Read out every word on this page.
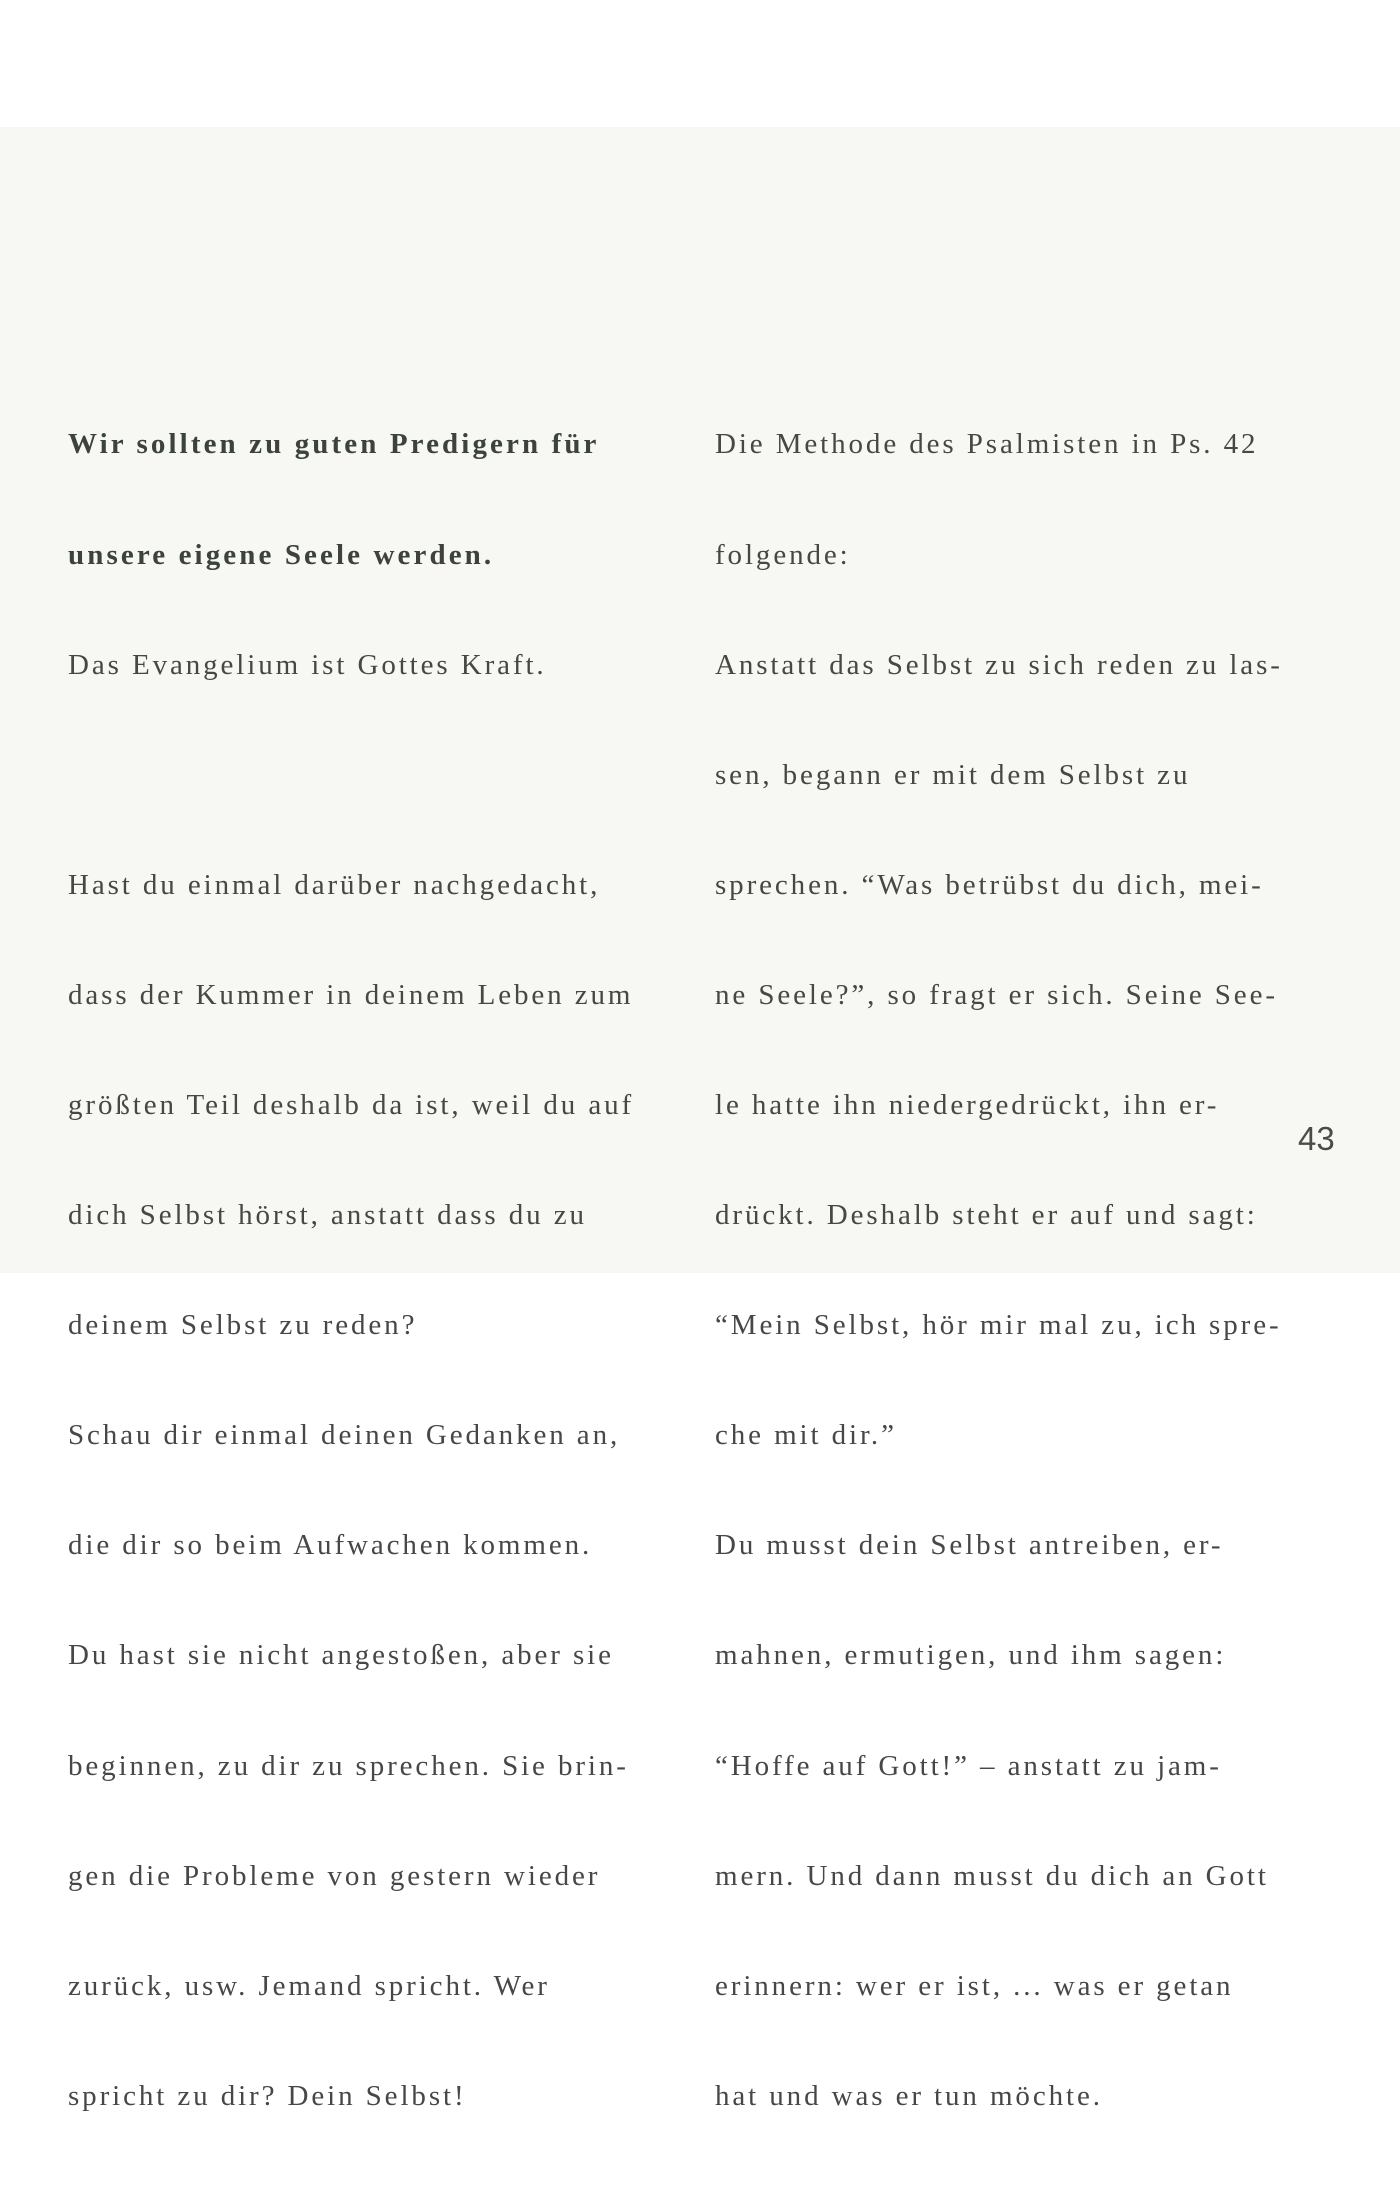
Wir sollten zu guten Predigern für

unsere eigene Seele werden.

Das Evangelium ist Gottes Kraft.

Hast du einmal darüber nachgedacht,

dass der Kummer in deinem Leben zum

größten Teil deshalb da ist, weil du auf

dich Selbst hörst, anstatt dass du zu

deinem Selbst zu reden?

Schau dir einmal deinen Gedanken an,

die dir so beim Aufwachen kommen.

Du hast sie nicht angestoßen, aber sie

beginnen, zu dir zu sprechen. Sie brin-

gen die Probleme von gestern wieder

zurück, usw. Jemand spricht. Wer

spricht zu dir? Dein Selbst!

Die Methode des Psalmisten in Ps. 42

folgende:

Anstatt das Selbst zu sich reden zu las-

sen, begann er mit dem Selbst zu

sprechen. “Was betrübst du dich, mei-

ne Seele?”, so fragt er sich. Seine See-

le hatte ihn niedergedrückt, ihn er-

drückt. Deshalb steht er auf und sagt:

“Mein Selbst, hör mir mal zu, ich spre-

che mit dir.”

Du musst dein Selbst antreiben, er-

mahnen, ermutigen, und ihm sagen:

“Hoffe auf Gott!” – anstatt zu jam-

mern. Und dann musst du dich an Gott

erinnern: wer er ist, ... was er getan

hat und was er tun möchte.

43
